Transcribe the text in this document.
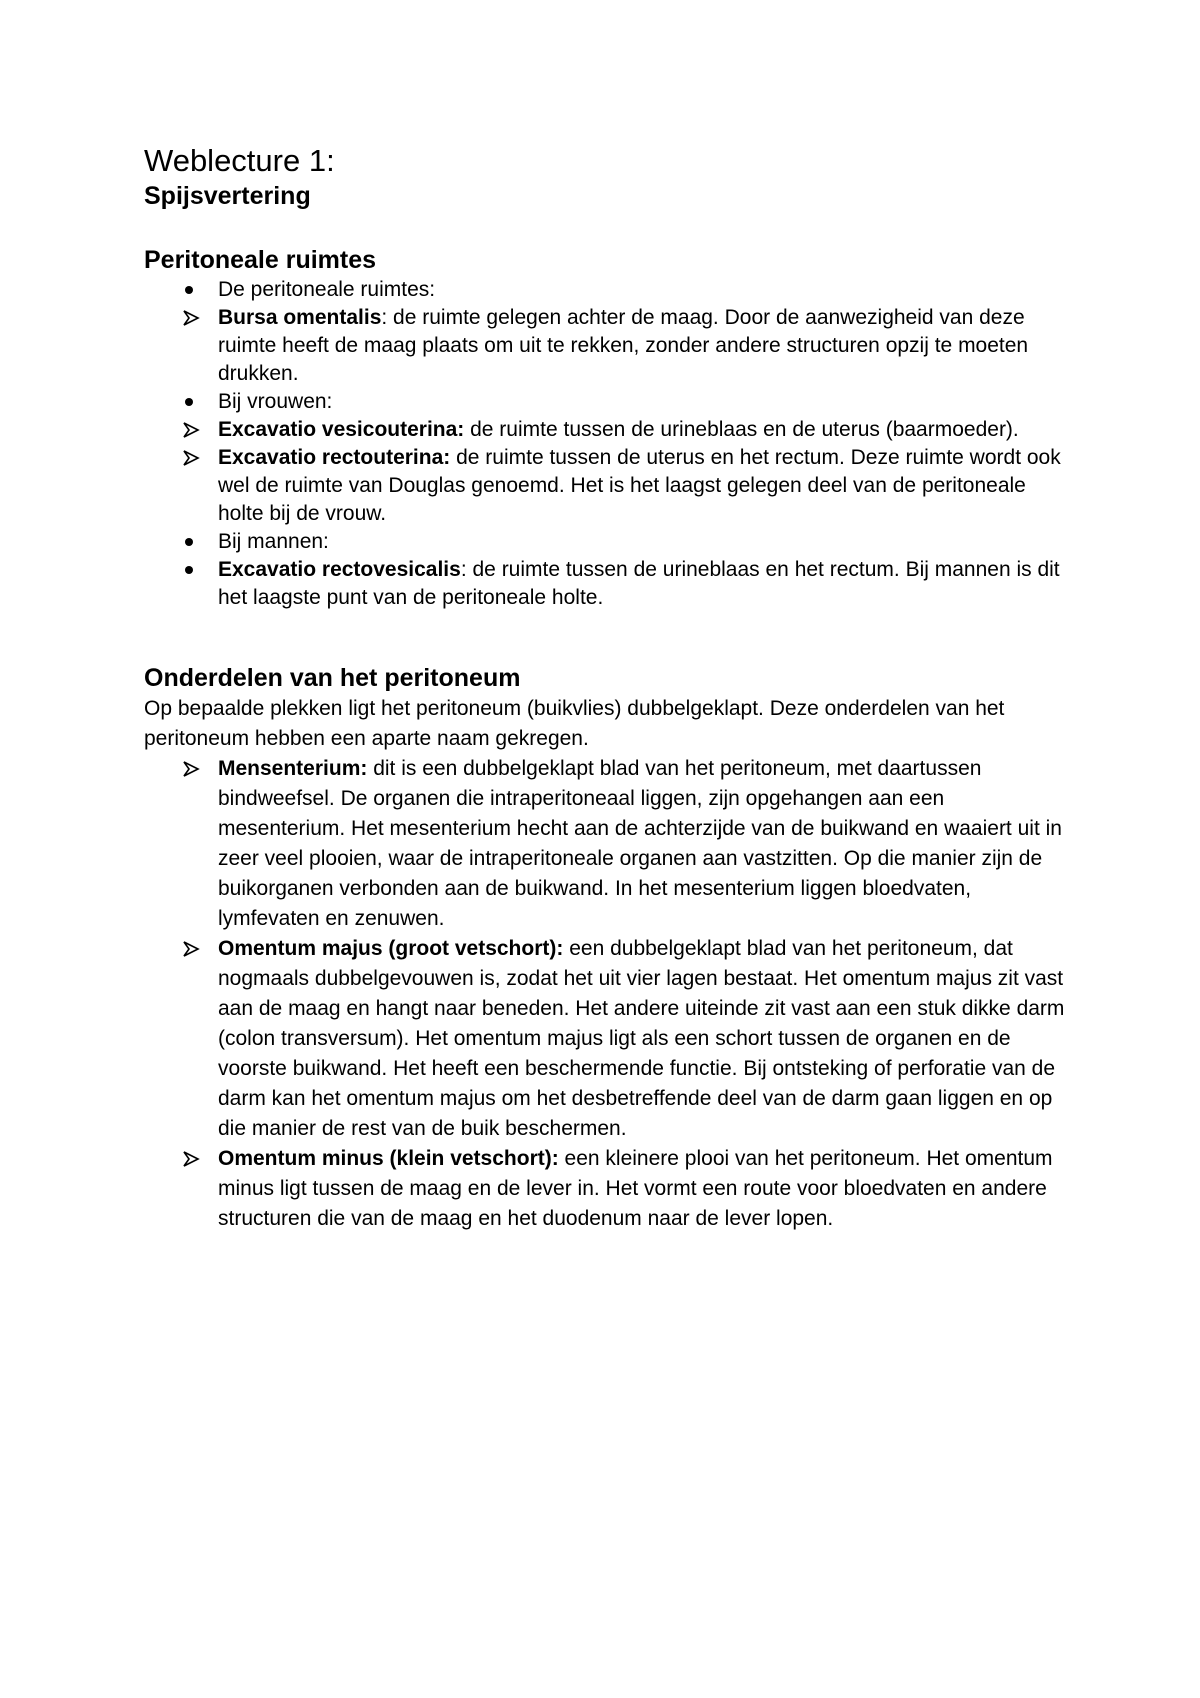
Weblecture 1:
Spijsvertering
Peritoneale ruimtes
De peritoneale ruimtes:
Bursa omentalis: de ruimte gelegen achter de maag. Door de aanwezigheid van deze ruimte heeft de maag plaats om uit te rekken, zonder andere structuren opzij te moeten drukken.
Bij vrouwen:
Excavatio vesicouterina: de ruimte tussen de urineblaas en de uterus (baarmoeder).
Excavatio rectouterina: de ruimte tussen de uterus en het rectum. Deze ruimte wordt ook wel de ruimte van Douglas genoemd. Het is het laagst gelegen deel van de peritoneale holte bij de vrouw.
Bij mannen:
Excavatio rectovesicalis: de ruimte tussen de urineblaas en het rectum. Bij mannen is dit het laagste punt van de peritoneale holte.
Onderdelen van het peritoneum

Op bepaalde plekken ligt het peritoneum (buikvlies) dubbelgeklapt. Deze onderdelen van het peritoneum hebben een aparte naam gekregen.

Mensenterium: dit is een dubbelgeklapt blad van het peritoneum, met daartussen bindweefsel. De organen die intraperitoneaal liggen, zijn opgehangen aan een mesenterium. Het mesenterium hecht aan de achterzijde van de buikwand en waaiert uit in zeer veel plooien, waar de intraperitoneale organen aan vastzitten. Op die manier zijn de buikorganen verbonden aan de buikwand. In het mesenterium liggen bloedvaten, lymfevaten en zenuwen.
Omentum majus (groot vetschort): een dubbelgeklapt blad van het peritoneum, dat nogmaals dubbelgevouwen is, zodat het uit vier lagen bestaat. Het omentum majus zit vast aan de maag en hangt naar beneden. Het andere uiteinde zit vast aan een stuk dikke darm (colon transversum). Het omentum majus ligt als een schort tussen de organen en de voorste buikwand. Het heeft een beschermende functie. Bij ontsteking of perforatie van de darm kan het omentum majus om het desbetreffende deel van de darm gaan liggen en op die manier de rest van de buik beschermen.
Omentum minus (klein vetschort): een kleinere plooi van het peritoneum. Het omentum minus ligt tussen de maag en de lever in. Het vormt een route voor bloedvaten en andere structuren die van de maag en het duodenum naar de lever lopen.
